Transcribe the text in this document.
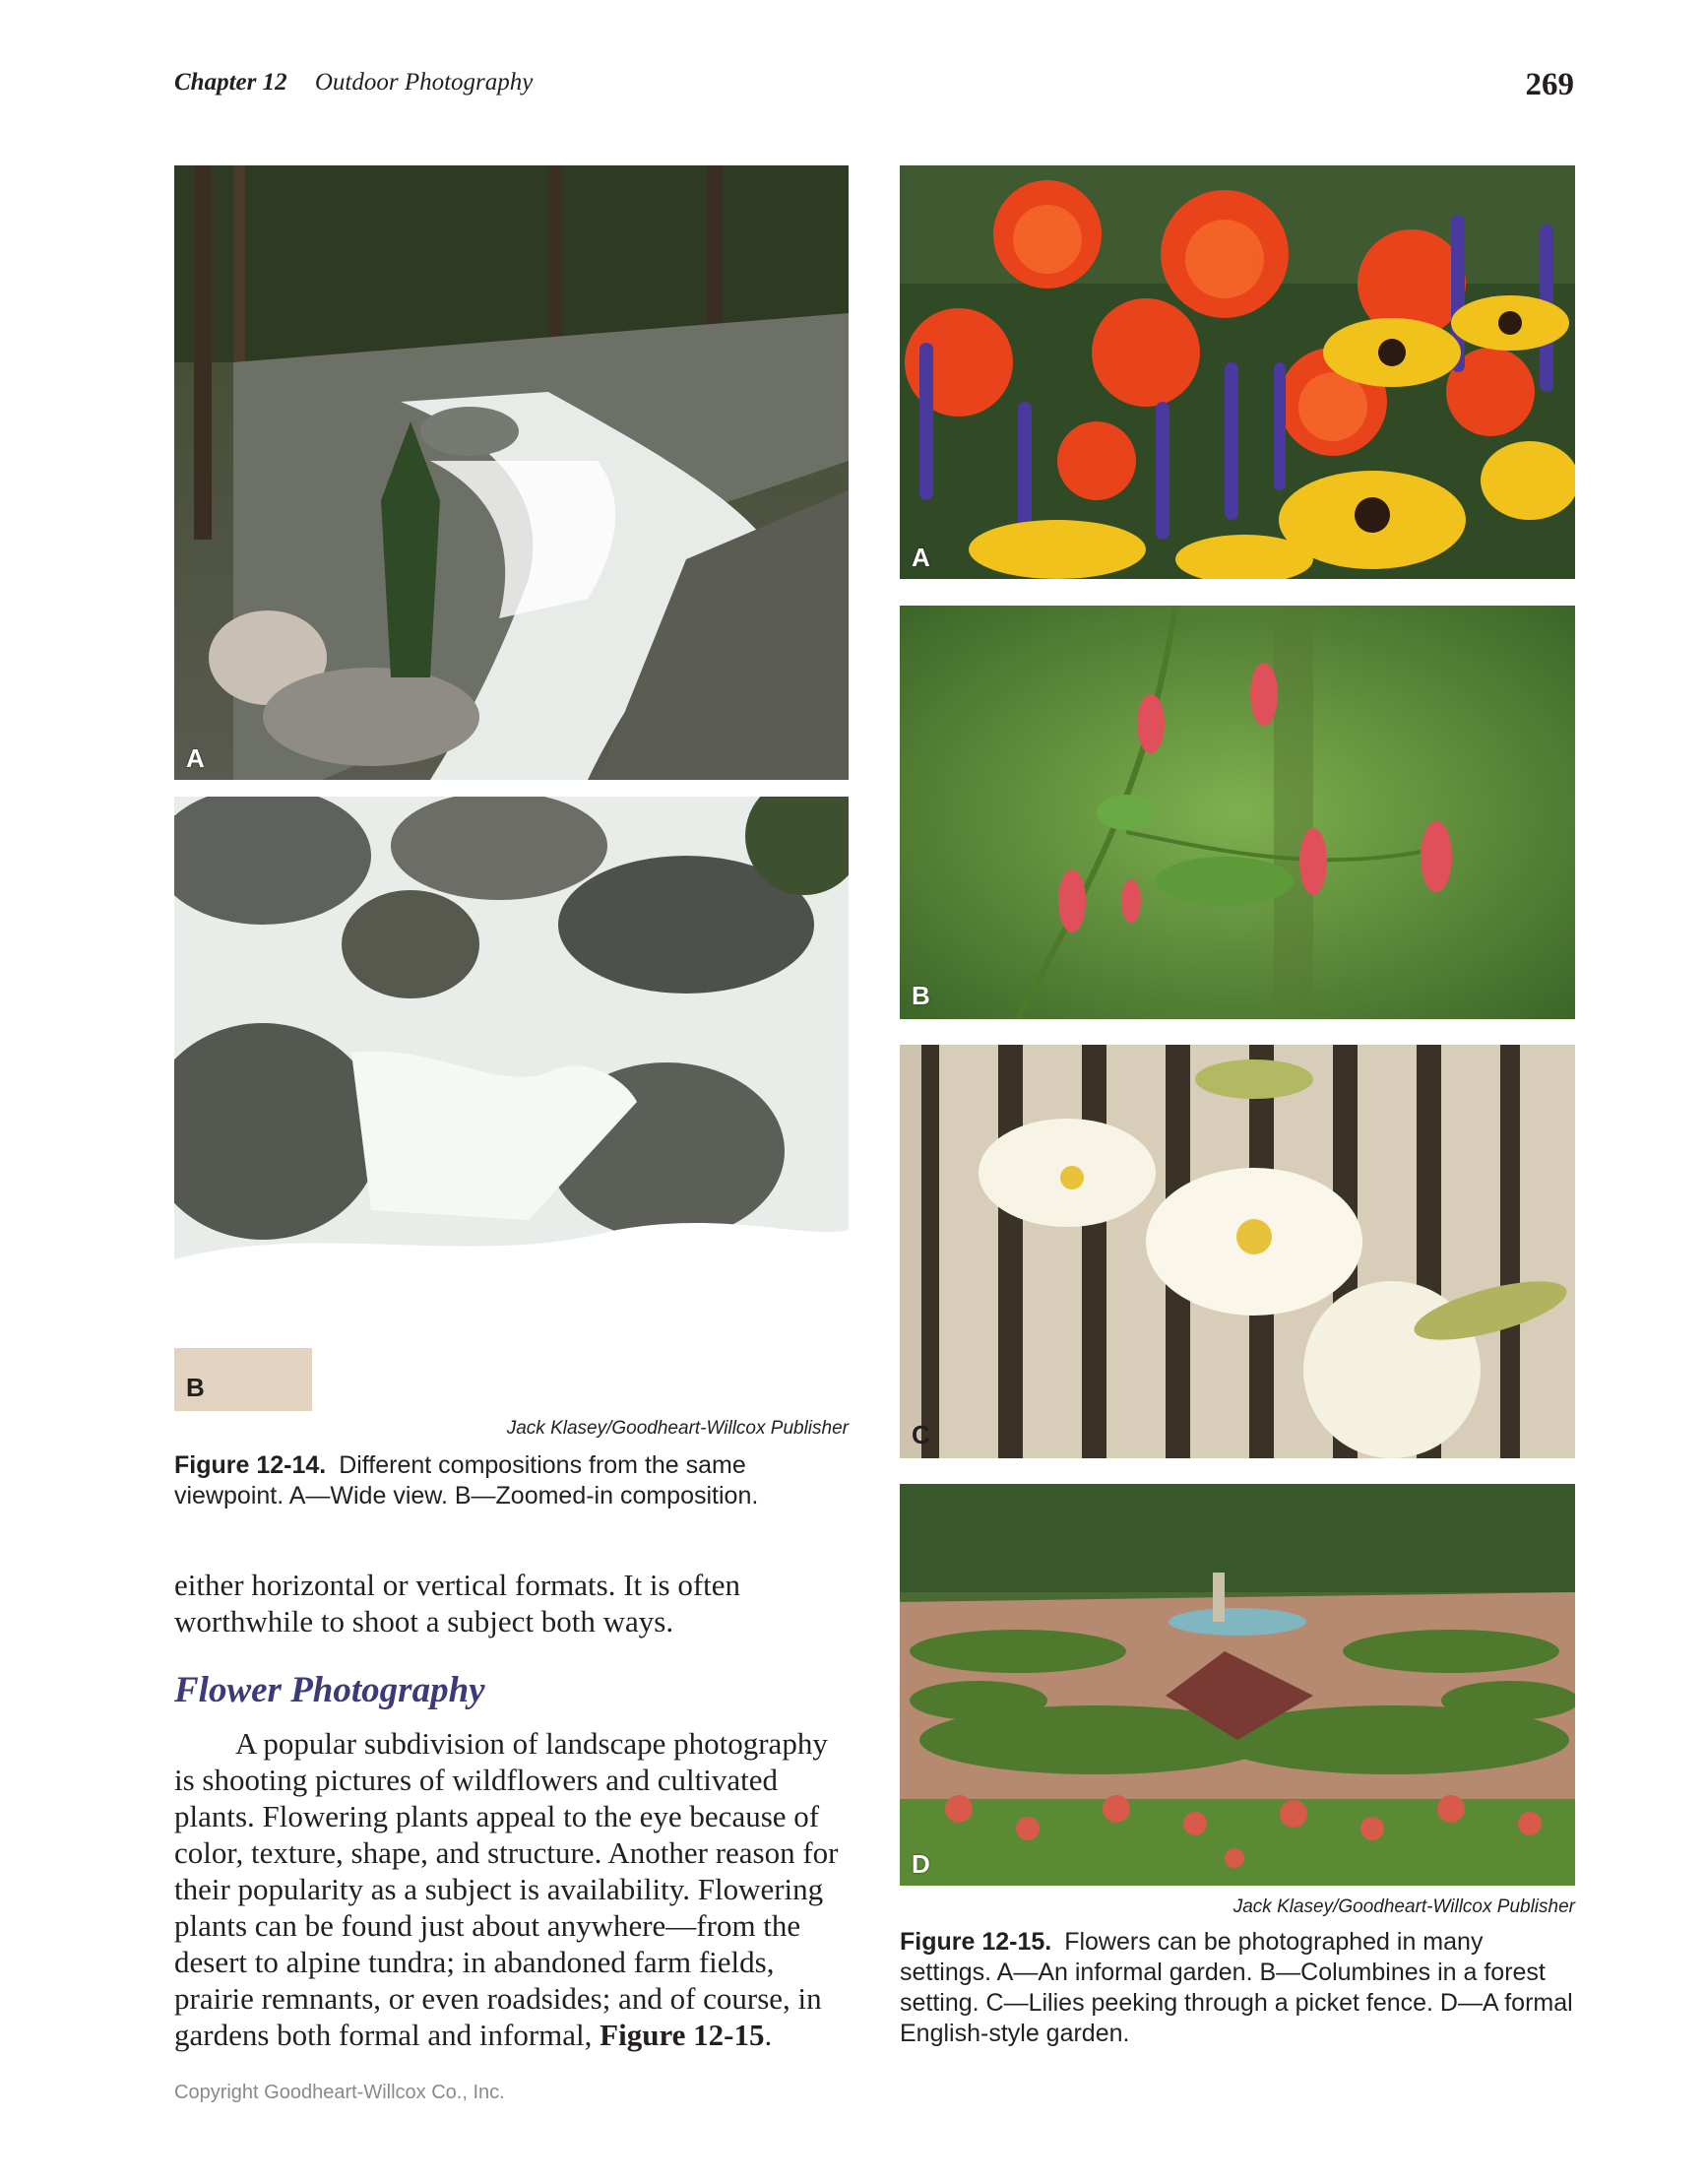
Chapter 12 Outdoor Photography	269
A
B
Jack Klasey/Goodheart-Willcox Publisher
Figure 12-14. Different compositions from the same viewpoint. A—Wide view. B—Zoomed-in composition.

either horizontal or vertical formats. It is often worthwhile to shoot a subject both ways.

Flower Photography

A popular subdivision of landscape photography is shooting pictures of wildflowers and cultivated plants. Flowering plants appeal to the eye because of color, texture, shape, and structure. Another reason for their popularity as a subject is availability. Flowering plants can be found just about anywhere—from the desert to alpine tundra; in abandoned farm fields, prairie remnants, or even roadsides; and of course, in gardens both formal and informal, Figure 12-15.

A
B
C
D
Jack Klasey/Goodheart-Willcox Publisher
Figure 12-15. Flowers can be photographed in many settings. A—An informal garden. B—Columbines in a forest setting. C—Lilies peeking through a picket fence. D—A formal English-style garden.
Copyright Goodheart-Willcox Co., Inc.
